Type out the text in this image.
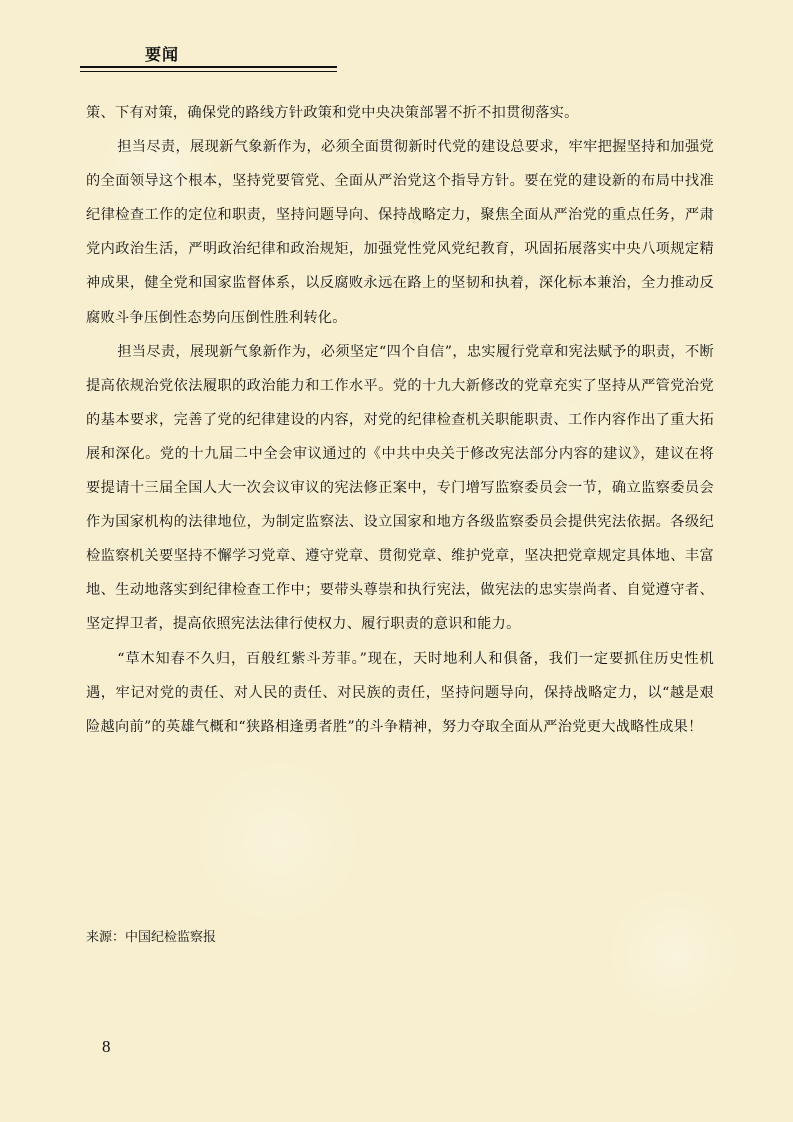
要闻

策、下有对策，确保党的路线方针政策和党中央决策部署不折不扣贯彻落实。

担当尽责，展现新气象新作为，必须全面贯彻新时代党的建设总要求，牢牢把握坚持和加强党的全面领导这个根本，坚持党要管党、全面从严治党这个指导方针。要在党的建设新的布局中找准纪律检查工作的定位和职责，坚持问题导向、保持战略定力，聚焦全面从严治党的重点任务，严肃党内政治生活，严明政治纪律和政治规矩，加强党性党风党纪教育，巩固拓展落实中央八项规定精神成果，健全党和国家监督体系，以反腐败永远在路上的坚韧和执着，深化标本兼治，全力推动反腐败斗争压倒性态势向压倒性胜利转化。

担当尽责，展现新气象新作为，必须坚定“四个自信”，忠实履行党章和宪法赋予的职责，不断提高依规治党依法履职的政治能力和工作水平。党的十九大新修改的党章充实了坚持从严管党治党的基本要求，完善了党的纪律建设的内容，对党的纪律检查机关职能职责、工作内容作出了重大拓展和深化。党的十九届二中全会审议通过的《中共中央关于修改宪法部分内容的建议》，建议在将要提请十三届全国人大一次会议审议的宪法修正案中，专门增写监察委员会一节，确立监察委员会作为国家机构的法律地位，为制定监察法、设立国家和地方各级监察委员会提供宪法依据。各级纪检监察机关要坚持不懈学习党章、遵守党章、贯彻党章、维护党章，坚决把党章规定具体地、丰富地、生动地落实到纪律检查工作中；要带头尊崇和执行宪法，做宪法的忠实崇尚者、自觉遵守者、坚定捍卫者，提高依照宪法法律行使权力、履行职责的意识和能力。

“草木知春不久归，百般红紫斗芳菲。”现在，天时地利人和俱备，我们一定要抓住历史性机遇，牢记对党的责任、对人民的责任、对民族的责任，坚持问题导向，保持战略定力，以“越是艰险越向前”的英雄气概和“狭路相逢勇者胜”的斗争精神，努力夺取全面从严治党更大战略性成果！

来源：中国纪检监察报
8
